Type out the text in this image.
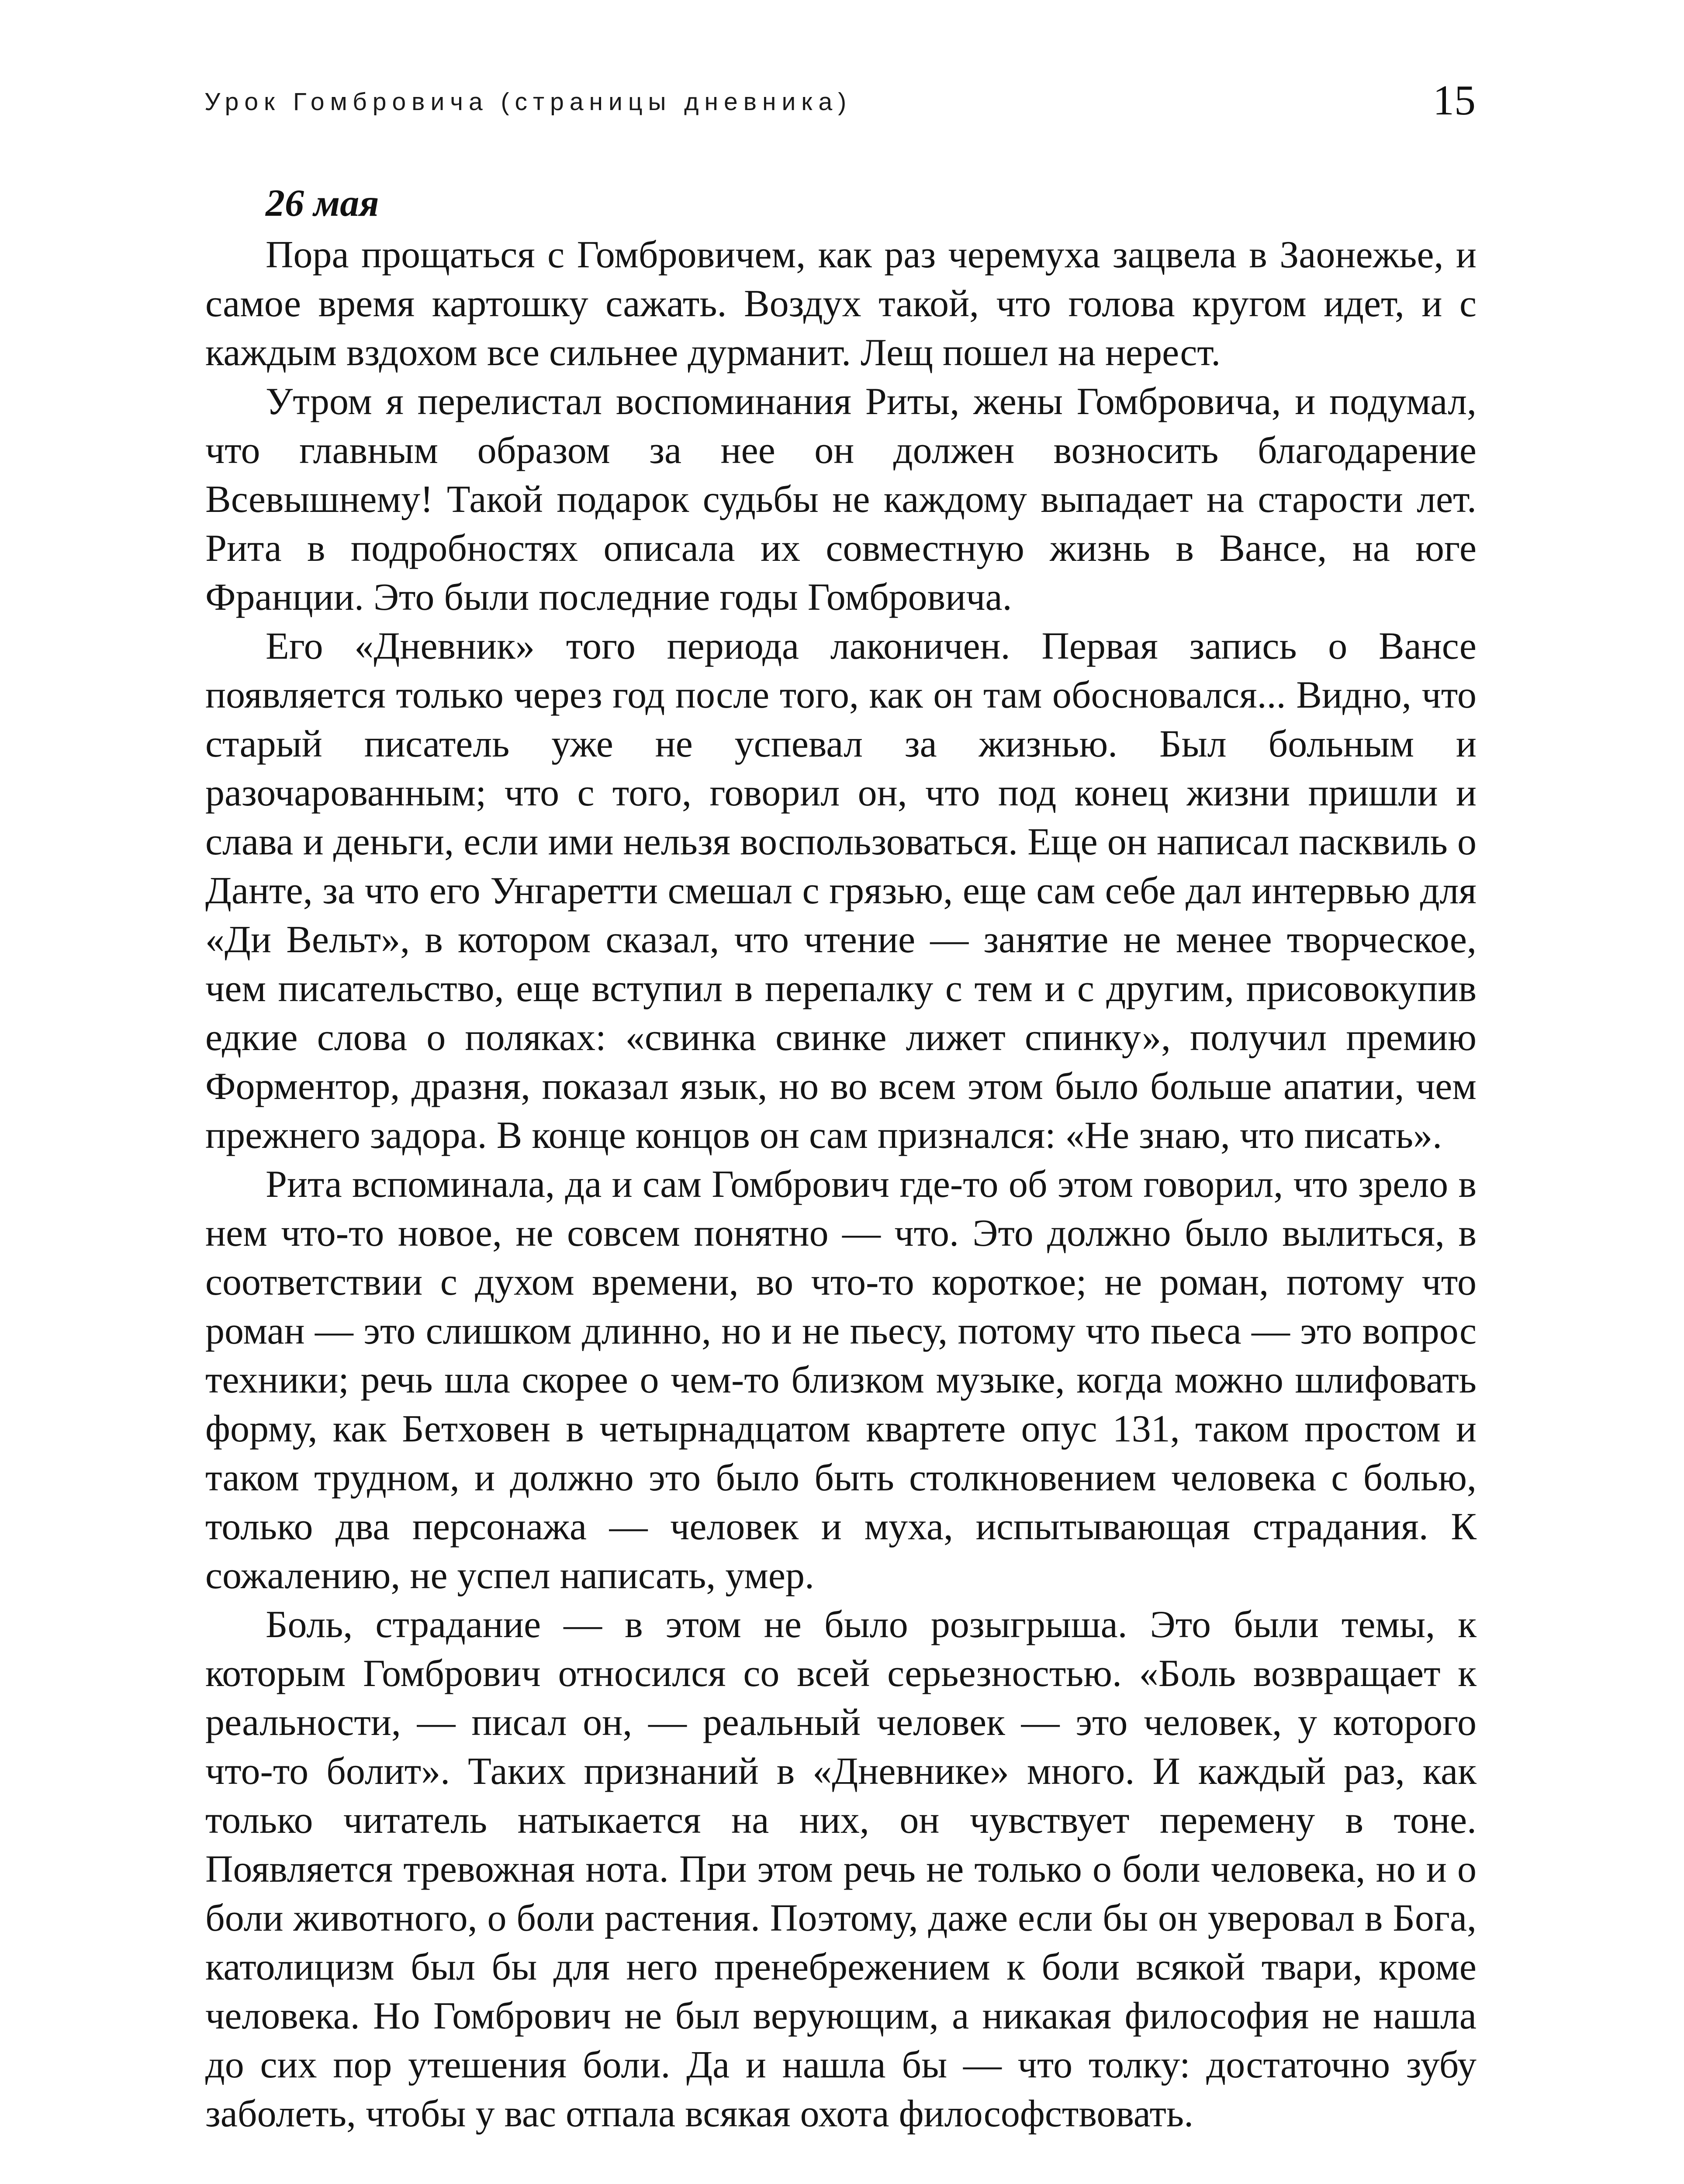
Урок Гомбровича (страницы дневника)	15
26 мая

Пора прощаться с Гомбровичем, как раз черемуха зацвела в Заонежье, и самое время картошку сажать. Воздух такой, что голова кругом идет, и с каждым вздохом все сильнее дурманит. Лещ пошел на нерест.

Утром я перелистал воспоминания Риты, жены Гомбровича, и подумал, что главным образом за нее он должен возносить благодарение Всевышнему! Такой подарок судьбы не каждому выпадает на старости лет. Рита в подробностях описала их совместную жизнь в Вансе, на юге Франции. Это были последние годы Гомбровича.

Его «Дневник» того периода лаконичен. Первая запись о Вансе появляется только через год после того, как он там обосновался... Видно, что старый писатель уже не успевал за жизнью. Был больным и разочарованным; что с того, говорил он, что под конец жизни пришли и слава и деньги, если ими нельзя воспользоваться. Еще он написал пасквиль о Данте, за что его Унгаретти смешал с грязью, еще сам себе дал интервью для «Ди Вельт», в котором сказал, что чтение — занятие не менее творческое, чем писательство, еще вступил в перепалку с тем и с другим, присовокупив едкие слова о поляках: «свинка свинке лижет спинку», получил премию Форментор, дразня, показал язык, но во всем этом было больше апатии, чем прежнего задора. В конце концов он сам признался: «Не знаю, что писать».

Рита вспоминала, да и сам Гомбрович где-то об этом говорил, что зрело в нем что-то новое, не совсем понятно — что. Это должно было вылиться, в соответствии с духом времени, во что-то короткое; не роман, потому что роман — это слишком длинно, но и не пьесу, потому что пьеса — это вопрос техники; речь шла скорее о чем-то близком музыке, когда можно шлифовать форму, как Бетховен в четырнадцатом квартете опус 131, таком простом и таком трудном, и должно это было быть столкновением человека с болью, только два персонажа — человек и муха, испытывающая страдания. К сожалению, не успел написать, умер.

Боль, страдание — в этом не было розыгрыша. Это были темы, к которым Гомбрович относился со всей серьезностью. «Боль возвращает к реальности, — писал он, — реальный человек — это человек, у которого что-то болит». Таких признаний в «Дневнике» много. И каждый раз, как только читатель натыкается на них, он чувствует перемену в тоне. Появляется тревожная нота. При этом речь не только о боли человека, но и о боли животного, о боли растения. Поэтому, даже если бы он уверовал в Бога, католицизм был бы для него пренебрежением к боли всякой твари, кроме человека. Но Гомбрович не был верующим, а никакая философия не нашла до сих пор утешения боли. Да и нашла бы — что толку: достаточно зубу заболеть, чтобы у вас отпала всякая охота философствовать.
